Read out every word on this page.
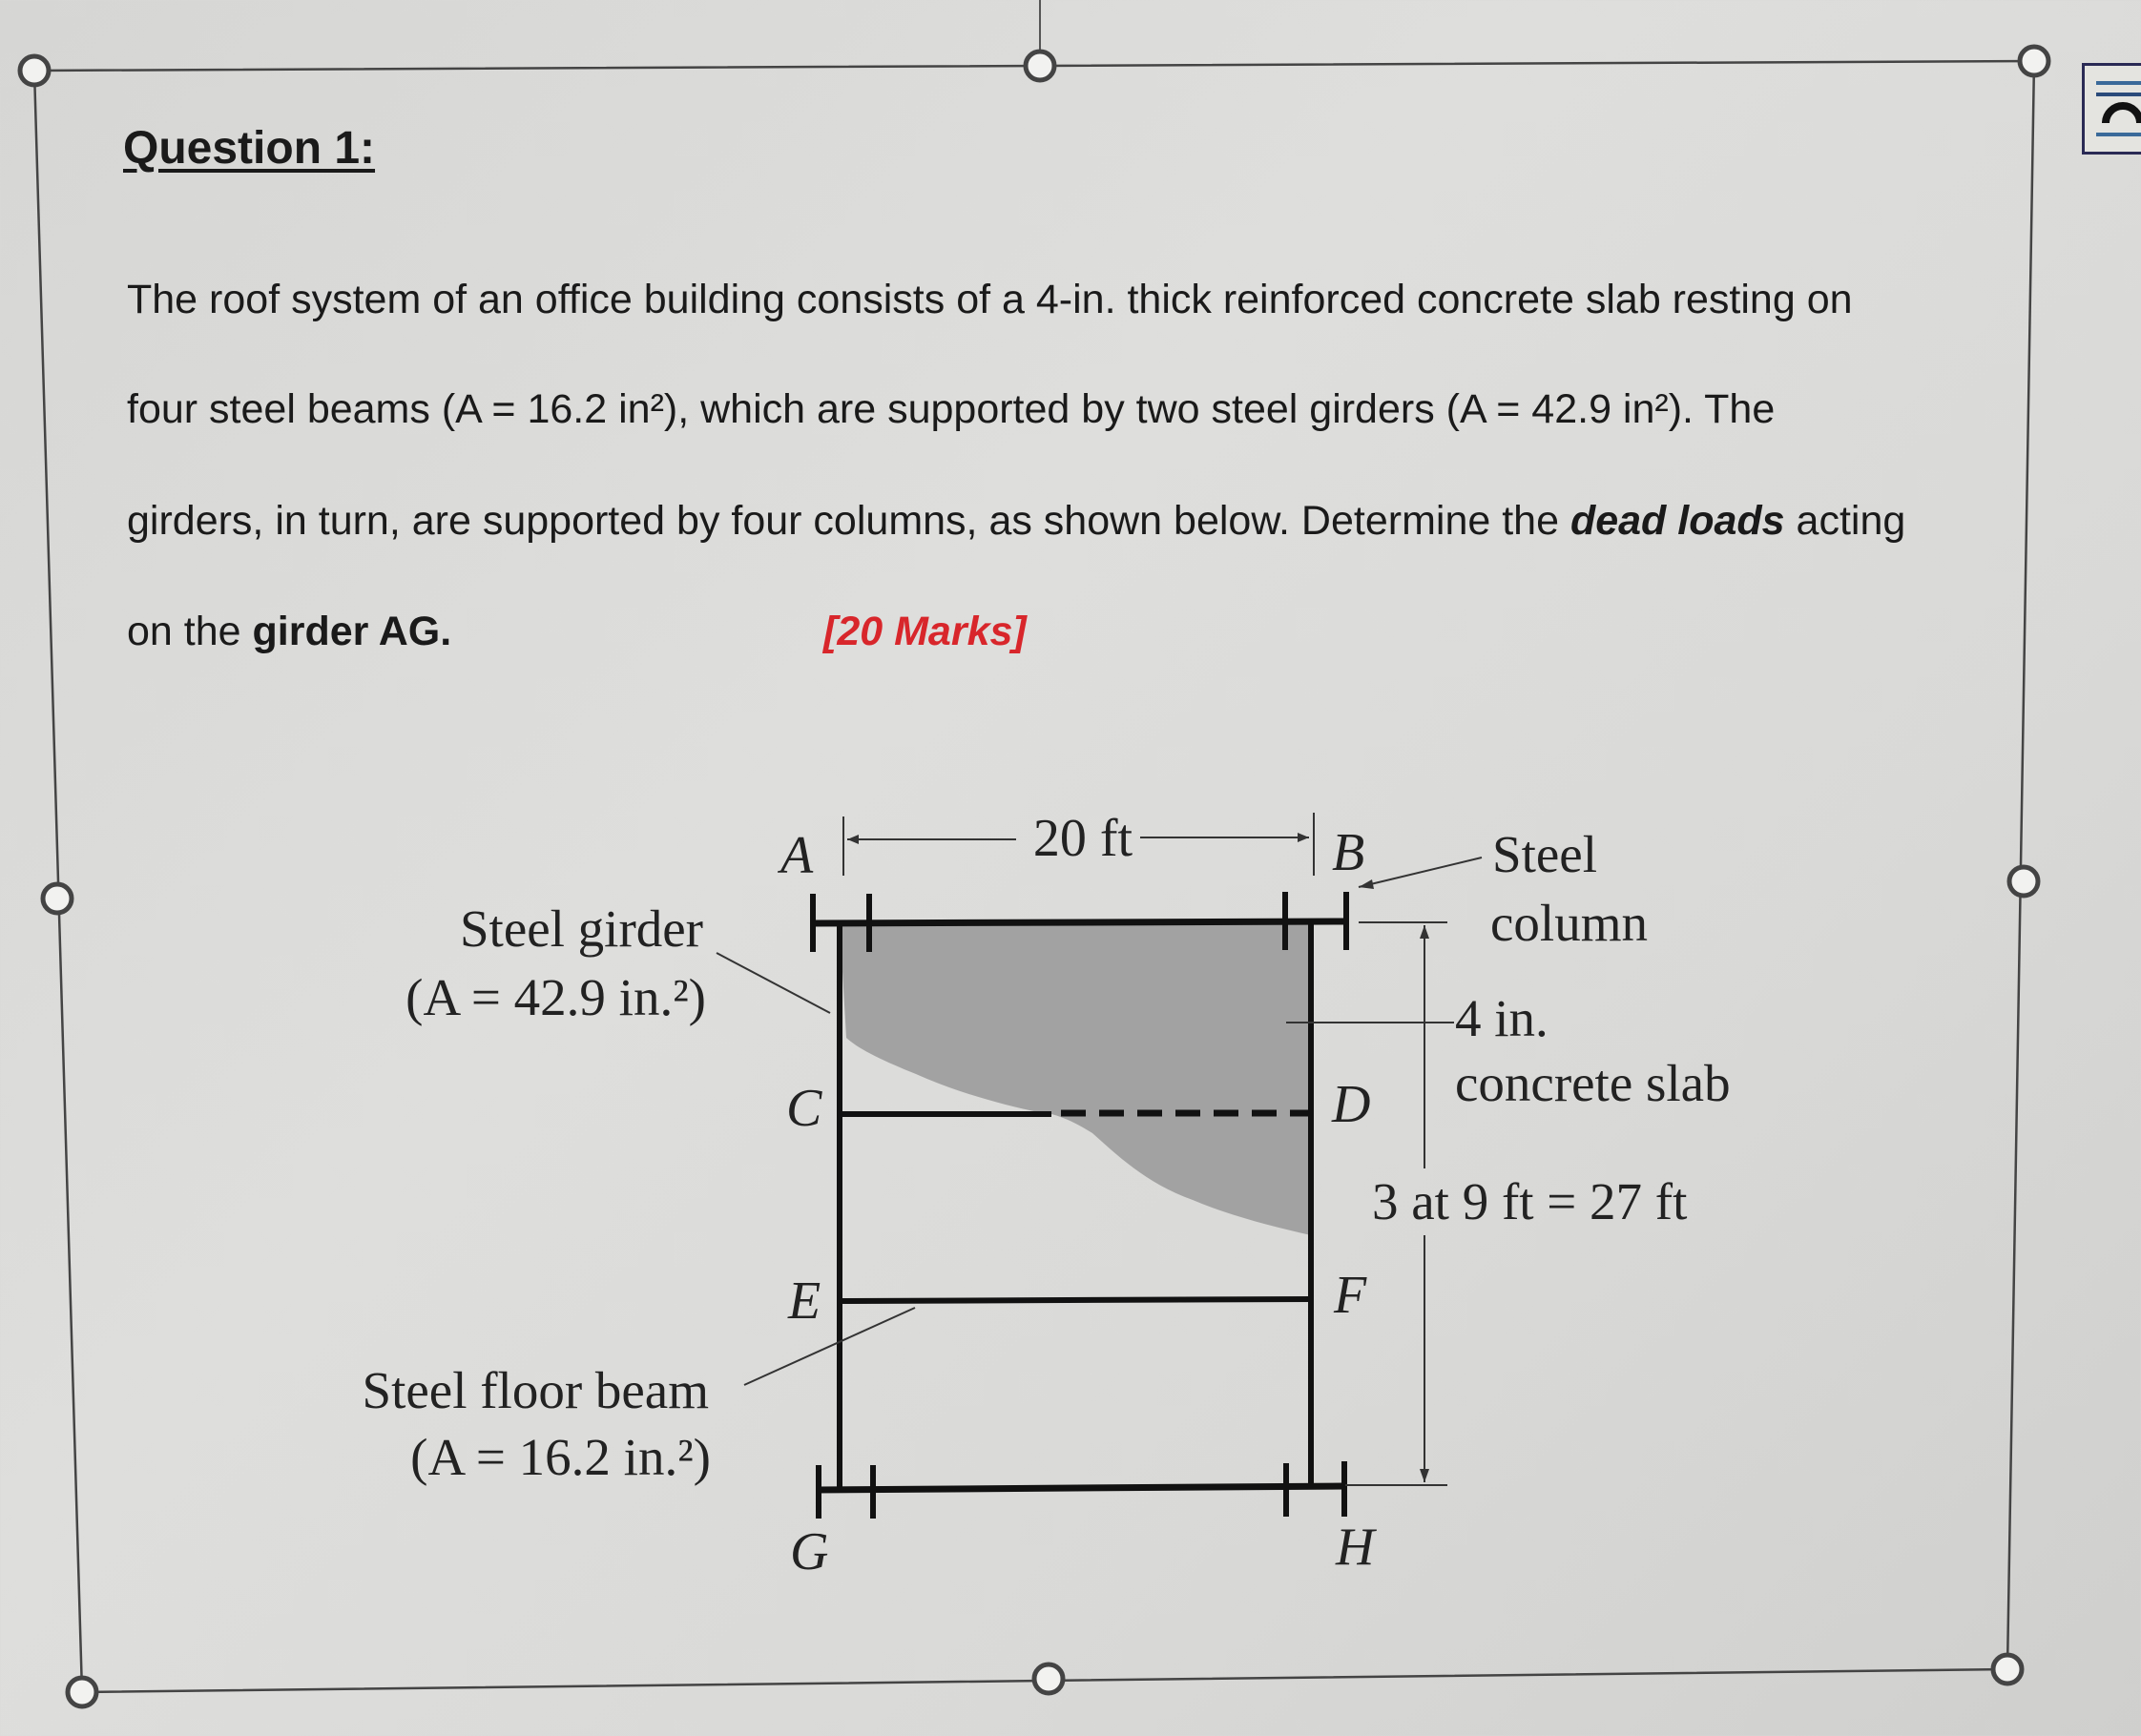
Question 1:
The roof system of an office building consists of a 4-in. thick reinforced concrete slab resting on
four steel beams (A = 16.2 in²), which are supported by two steel girders (A = 42.9 in²). The
girders, in turn, are supported by four columns, as shown below. Determine the dead loads acting
on the girder AG.	[20 Marks]
20 ft
A	B
C	D
E	F
G	H
Steel girder
(A = 42.9 in.²)
Steel floor beam
(A = 16.2 in.²)
Steel
column
4 in.
concrete slab
3 at 9 ft = 27 ft
